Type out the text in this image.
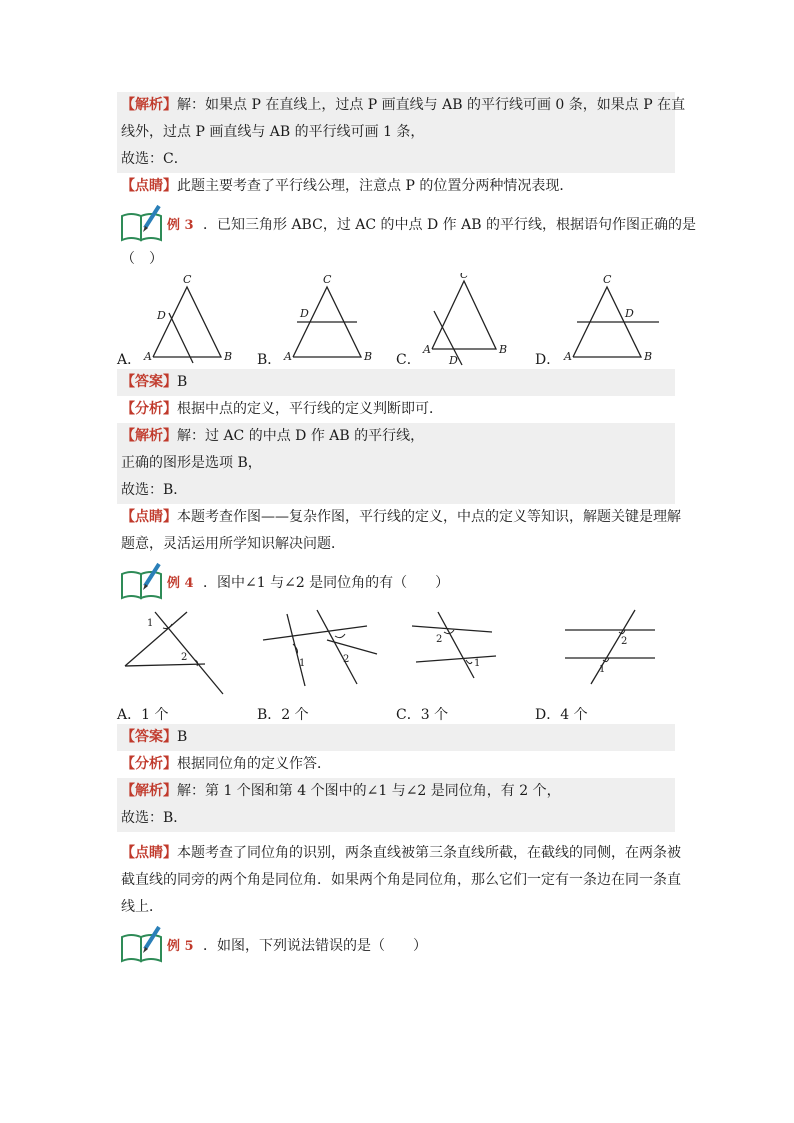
【解析】解：如果点 P 在直线上，过点 P 画直线与 AB 的平行线可画 0 条，如果点 P 在直
线外，过点 P 画直线与 AB 的平行线可画 1 条，
故选：C．
【点睛】此题主要考查了平行线公理，注意点 P 的位置分两种情况表现．
例 3 ．已知三角形 ABC，过 AC 的中点 D 作 AB 的平行线，根据语句作图正确的是
（　）
C
D
A	B
A．
C
D
A	B
B．
C
A	B
D
C．
C
D
A	B
D．
【答案】B
【分析】根据中点的定义，平行线的定义判断即可．
【解析】解：过 AC 的中点 D 作 AB 的平行线，
正确的图形是选项 B，
故选：B．
【点睛】本题考查作图——复杂作图，平行线的定义，中点的定义等知识，解题关键是理解
题意，灵活运用所学知识解决问题．
例 4 ．图中∠1 与∠2 是同位角的有（　　）
1
2
A．1 个
1	2
B．2 个
2
1
C．3 个
2
1
D．4 个
【答案】B
【分析】根据同位角的定义作答．
【解析】解：第 1 个图和第 4 个图中的∠1 与∠2 是同位角，有 2 个，
故选：B．
【点睛】本题考查了同位角的识别，两条直线被第三条直线所截，在截线的同侧，在两条被
截直线的同旁的两个角是同位角．如果两个角是同位角，那么它们一定有一条边在同一条直
线上．
例 5 ．如图，下列说法错误的是（　　）
